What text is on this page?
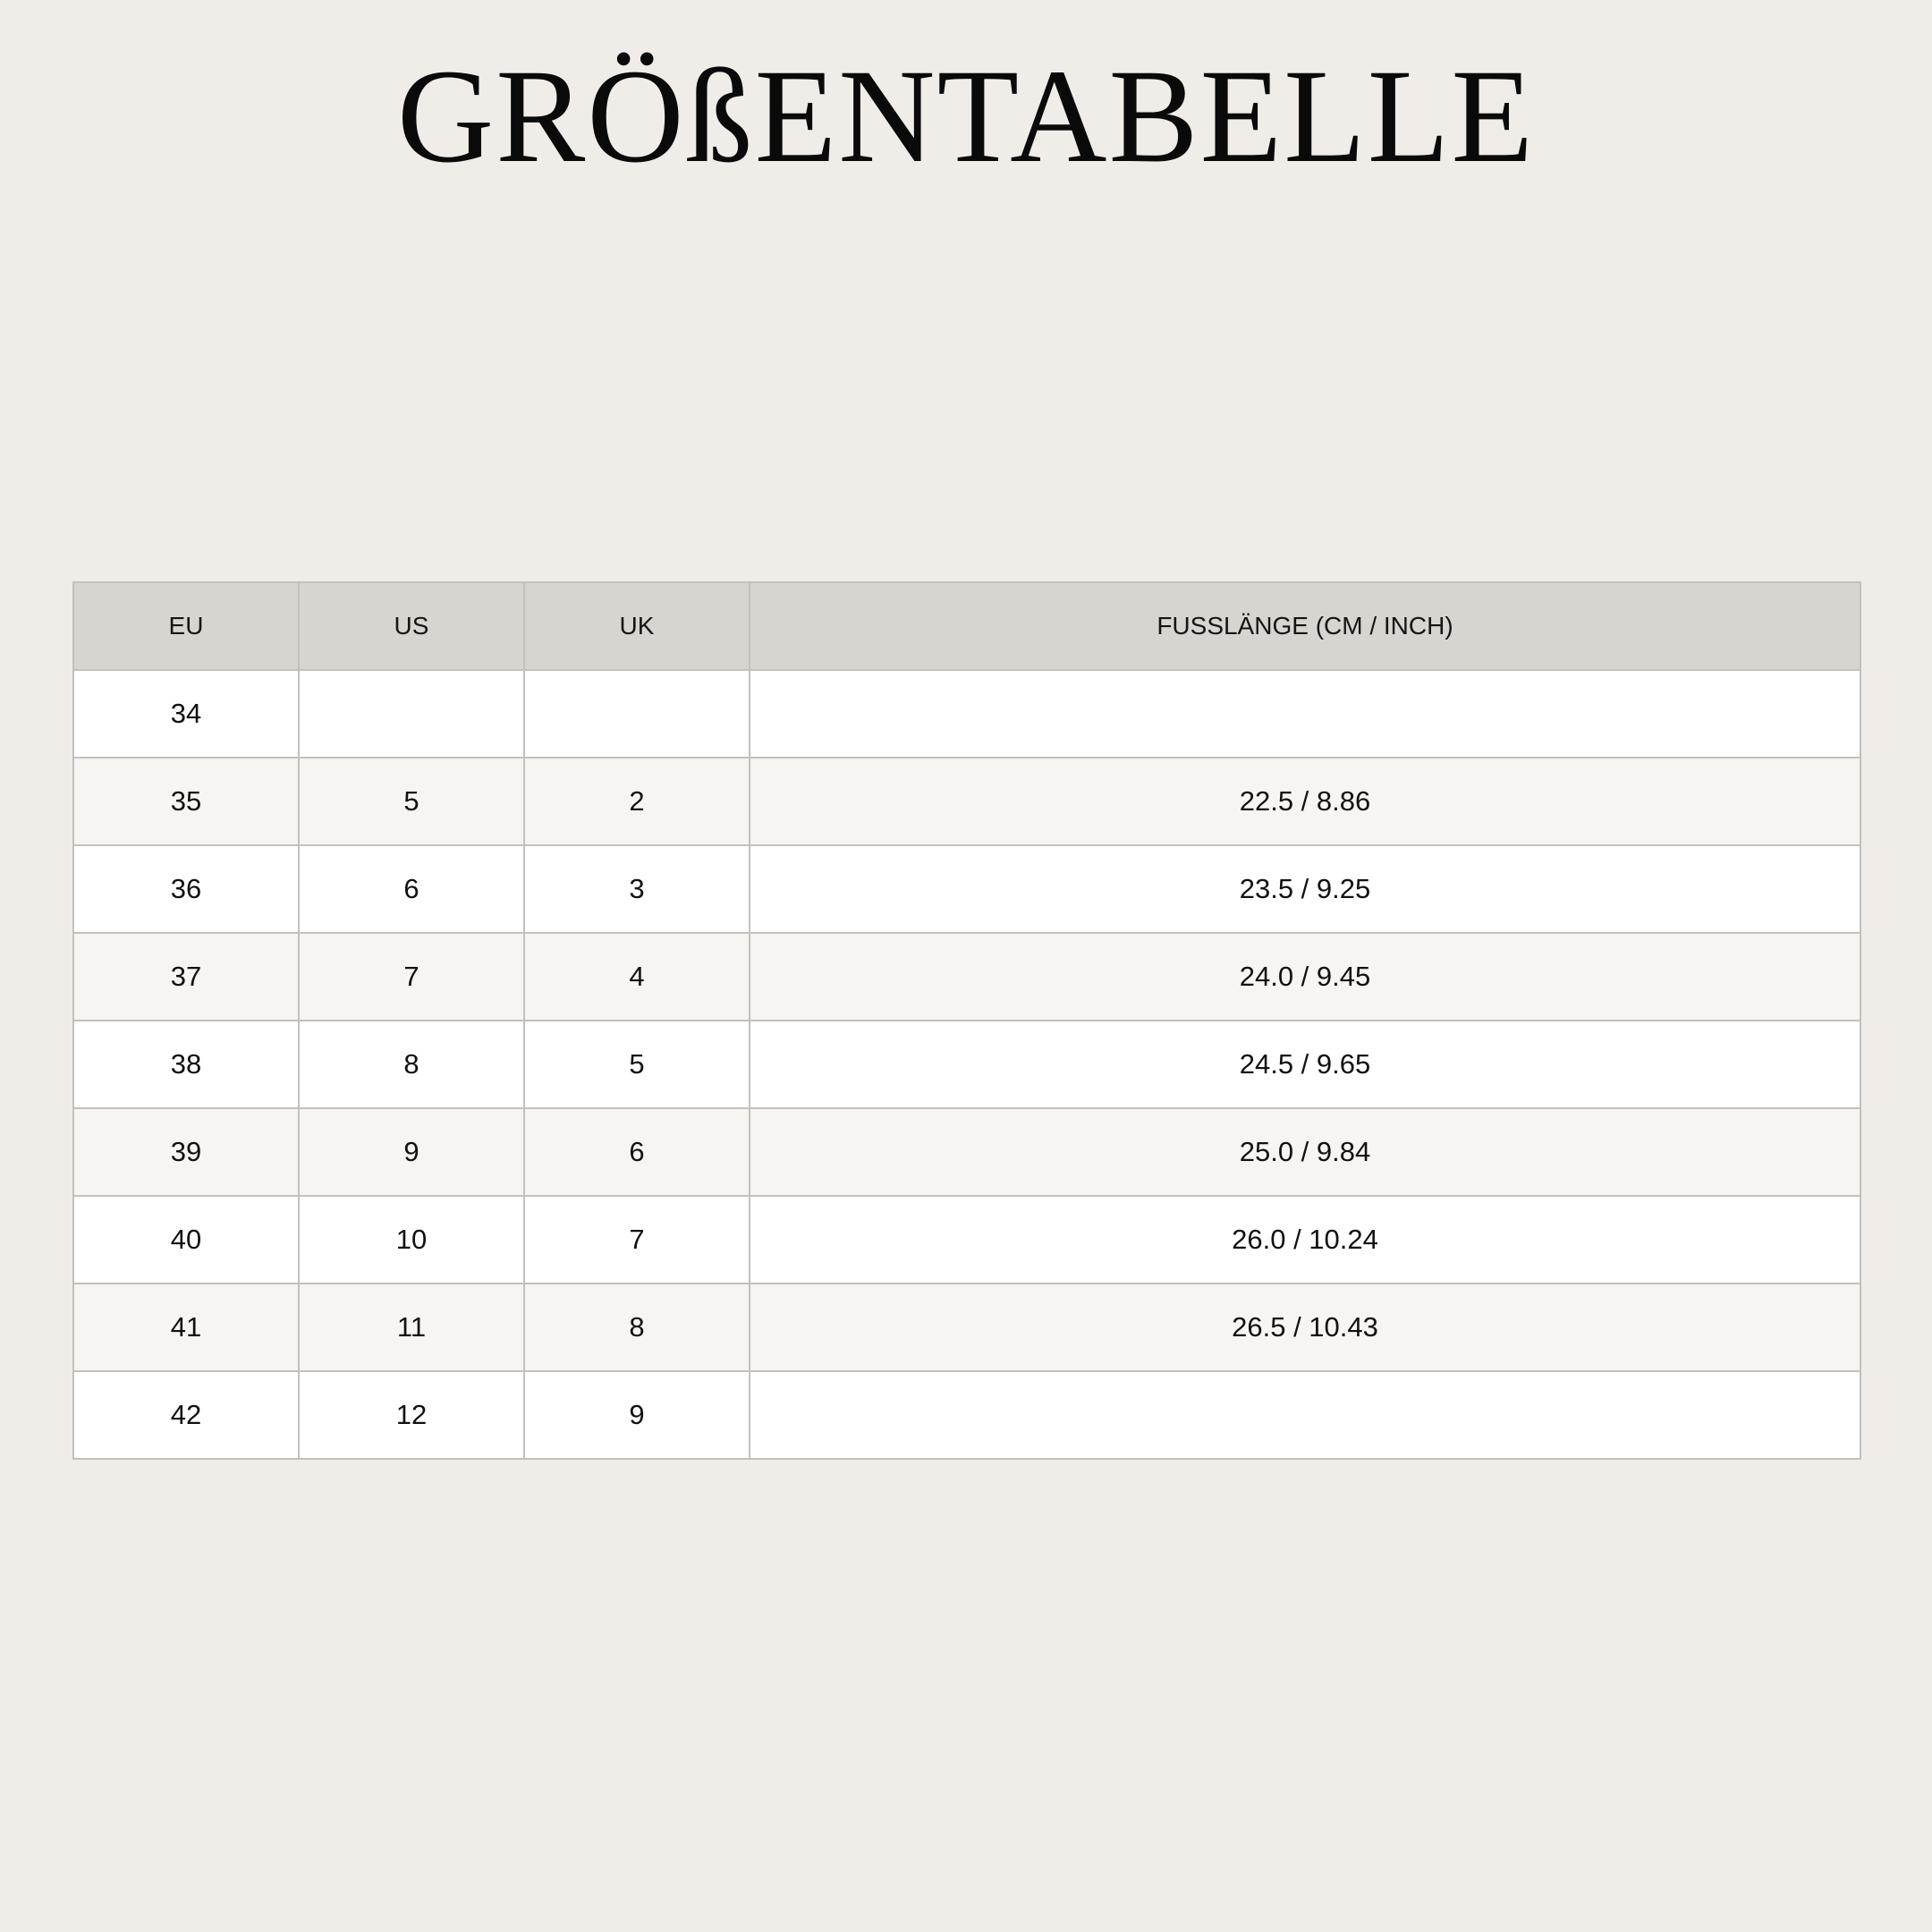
GRÖßENTABELLE
EU	US	UK	FUSSLÄNGE (CM / INCH)
34			
35	5	2	22.5 / 8.86
36	6	3	23.5 / 9.25
37	7	4	24.0 / 9.45
38	8	5	24.5 / 9.65
39	9	6	25.0 / 9.84
40	10	7	26.0 / 10.24
41	11	8	26.5 / 10.43
42	12	9	
